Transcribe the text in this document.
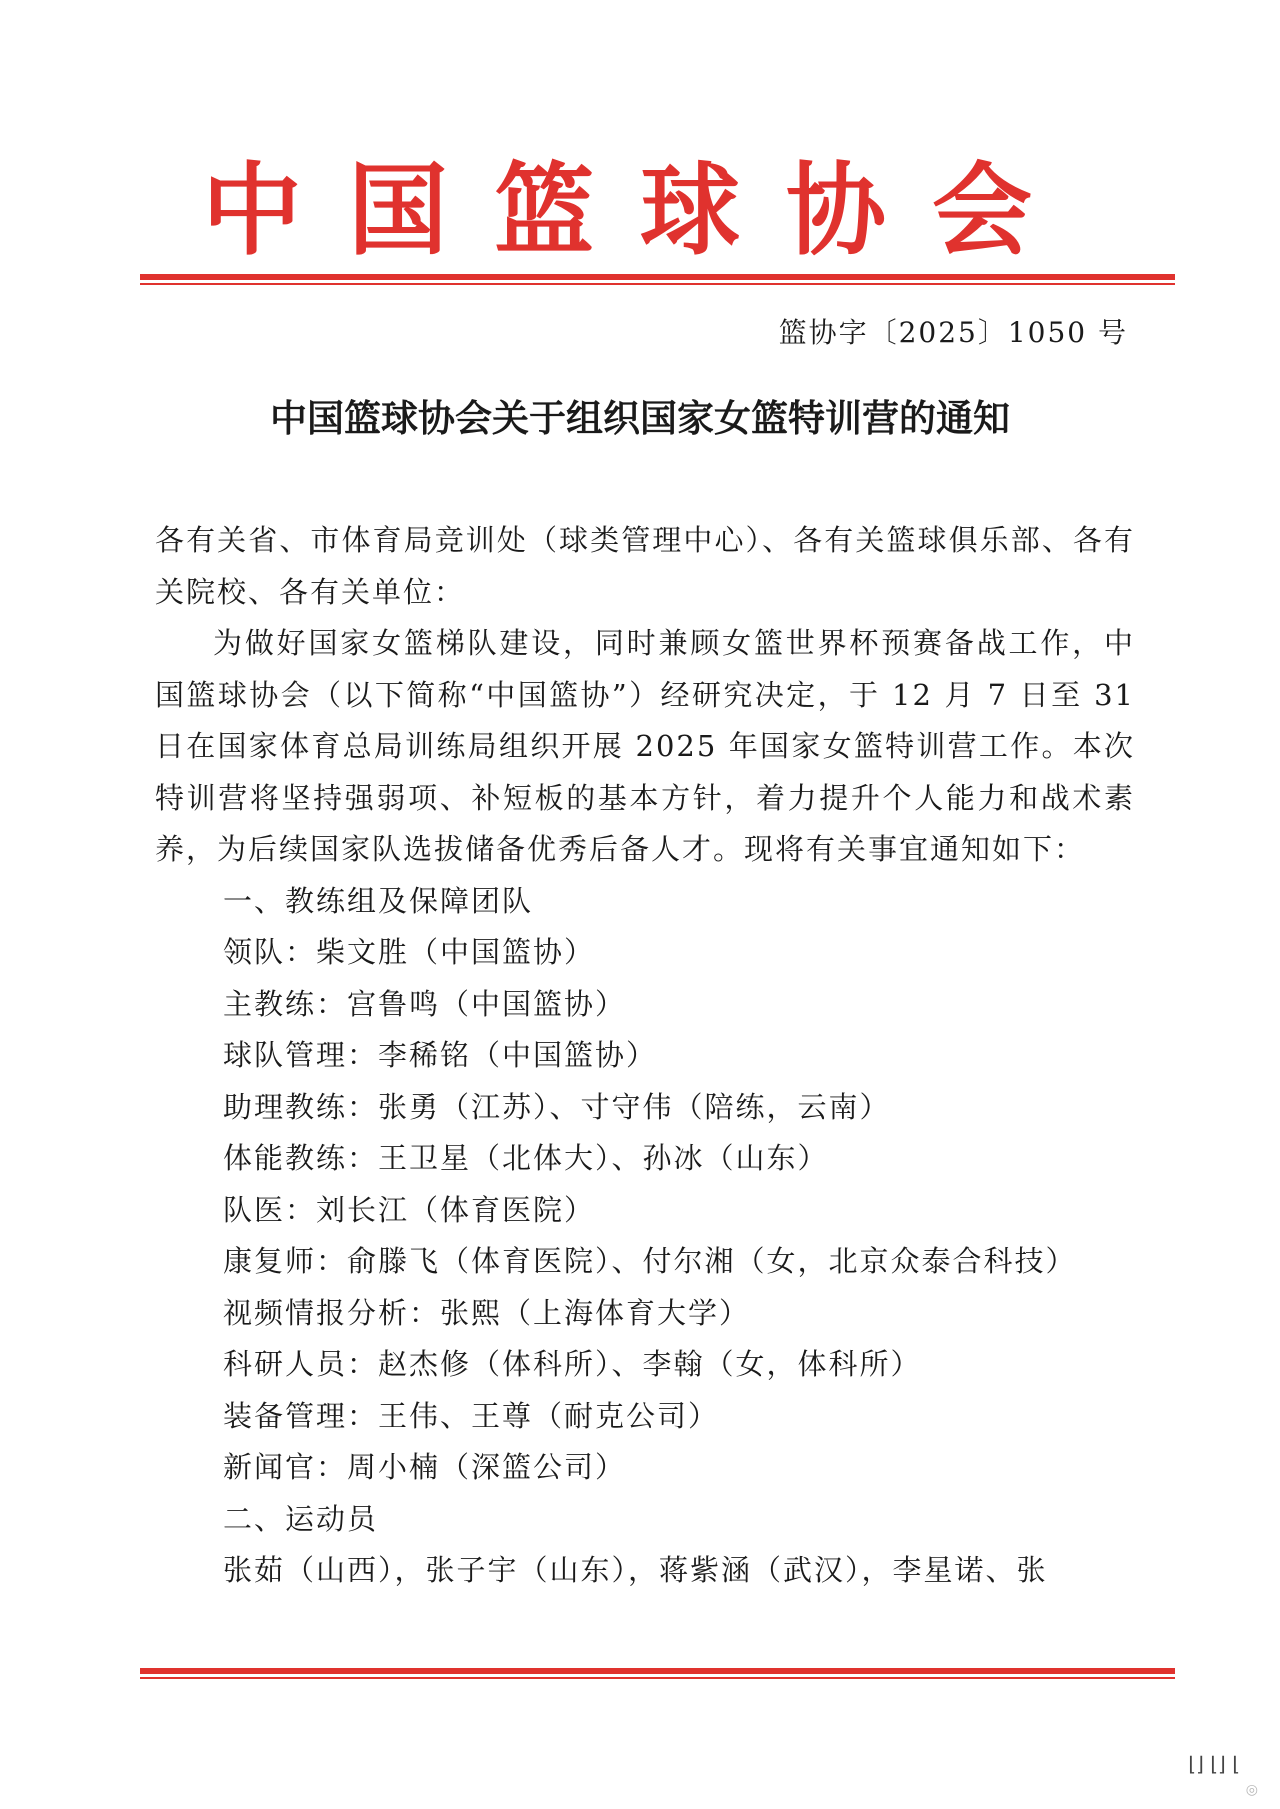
中国篮球协会
篮协字〔2025〕1050 号
中国篮球协会关于组织国家女篮特训营的通知

各有关省、市体育局竞训处（球类管理中心）、各有关篮球俱乐部、各有关院校、各有关单位：

为做好国家女篮梯队建设，同时兼顾女篮世界杯预赛备战工作，中国篮球协会（以下简称“中国篮协”）经研究决定，于 12 月 7 日至 31 日在国家体育总局训练局组织开展 2025 年国家女篮特训营工作。本次特训营将坚持强弱项、补短板的基本方针，着力提升个人能力和战术素养，为后续国家队选拔储备优秀后备人才。现将有关事宜通知如下：

一、教练组及保障团队
领队：柴文胜（中国篮协）
主教练：宫鲁鸣（中国篮协）
球队管理：李稀铭（中国篮协）
助理教练：张勇（江苏）、寸守伟（陪练，云南）
体能教练：王卫星（北体大）、孙冰（山东）
队医：刘长江（体育医院）
康复师：俞滕飞（体育医院）、付尔湘（女，北京众泰合科技）
视频情报分析：张熙（上海体育大学）
科研人员：赵杰修（体科所）、李翰（女，体科所）
装备管理：王伟、王尊（耐克公司）
新闻官：周小楠（深篮公司）
二、运动员
张茹（山西），张子宇（山东），蒋紫涵（武汉），李星诺、张
⌊⌋ ⌊⌋ ⌊
◎
